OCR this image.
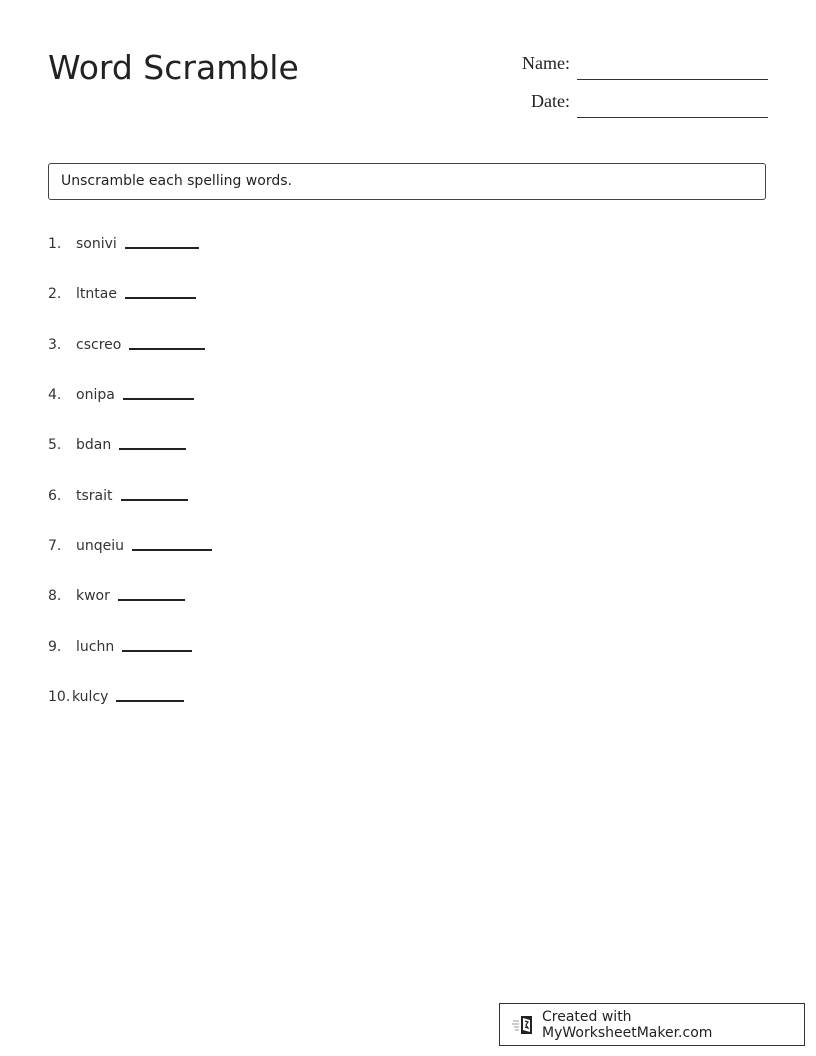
Word Scramble	Name:
Date:
Unscramble each spelling words.
1.	sonivi
2.	ltntae
3.	cscreo
4.	onipa
5.	bdan
6.	tsrait
7.	unqeiu
8.	kwor
9.	luchn
10. kulcy
Created with MyWorksheetMaker.com
